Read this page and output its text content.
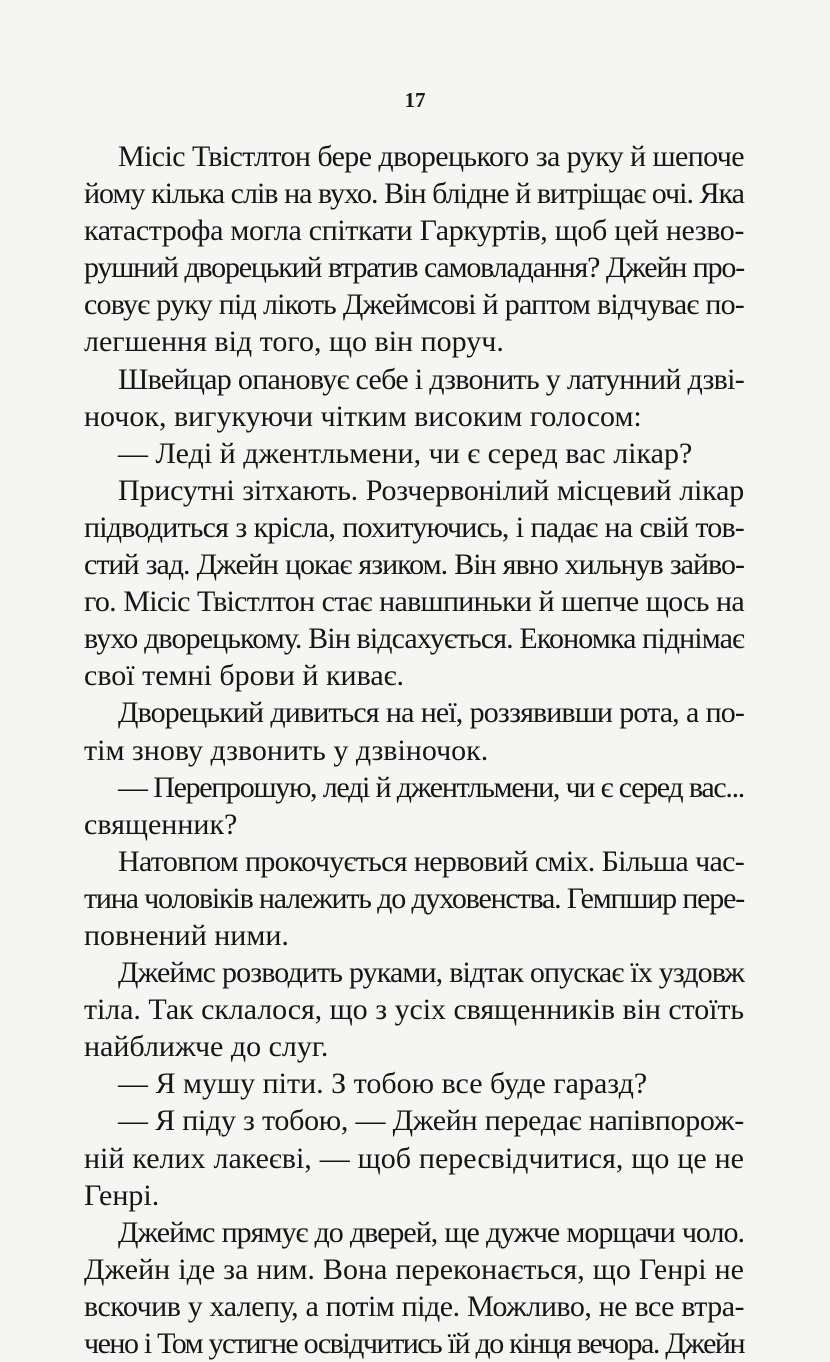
17
Місіс Твістлтон бере дворецького за руку й шепоче
йому кілька слів на вухо. Він блідне й витріщає очі. Яка
катастрофа могла спіткати Гаркуртів, щоб цей незво-
рушний дворецький втратив самовладання? Джейн про-
совує руку під лікоть Джеймсові й раптом відчуває по-
легшення від того, що він поруч.
Швейцар опановує себе і дзвонить у латунний дзві-
ночок, вигукуючи чітким високим голосом:
— Леді й джентльмени, чи є серед вас лікар?
Присутні зітхають. Розчервонілий місцевий лікар
підводиться з крісла, похитуючись, і падає на свій тов-
стий зад. Джейн цокає язиком. Він явно хильнув зайво-
го. Місіс Твістлтон стає навшпиньки й шепче щось на
вухо дворецькому. Він відсахується. Економка піднімає
свої темні брови й киває.
Дворецький дивиться на неї, роззявивши рота, а по-
тім знову дзвонить у дзвіночок.
— Перепрошую, леді й джентльмени, чи є серед вас...
священник?
Натовпом прокочується нервовий сміх. Більша час-
тина чоловіків належить до духовенства. Гемпшир пере-
повнений ними.
Джеймс розводить руками, відтак опускає їх уздовж
тіла. Так склалося, що з усіх священників він стоїть
найближче до слуг.
— Я мушу піти. З тобою все буде гаразд?
— Я піду з тобою, — Джейн передає напівпорож-
ній келих лакеєві, — щоб пересвідчитися, що це не
Генрі.
Джеймс прямує до дверей, ще дужче морщачи чоло.
Джейн іде за ним. Вона переконається, що Генрі не
вскочив у халепу, а потім піде. Можливо, не все втра-
чено і Том устигне освідчитись їй до кінця вечора. Джейн
